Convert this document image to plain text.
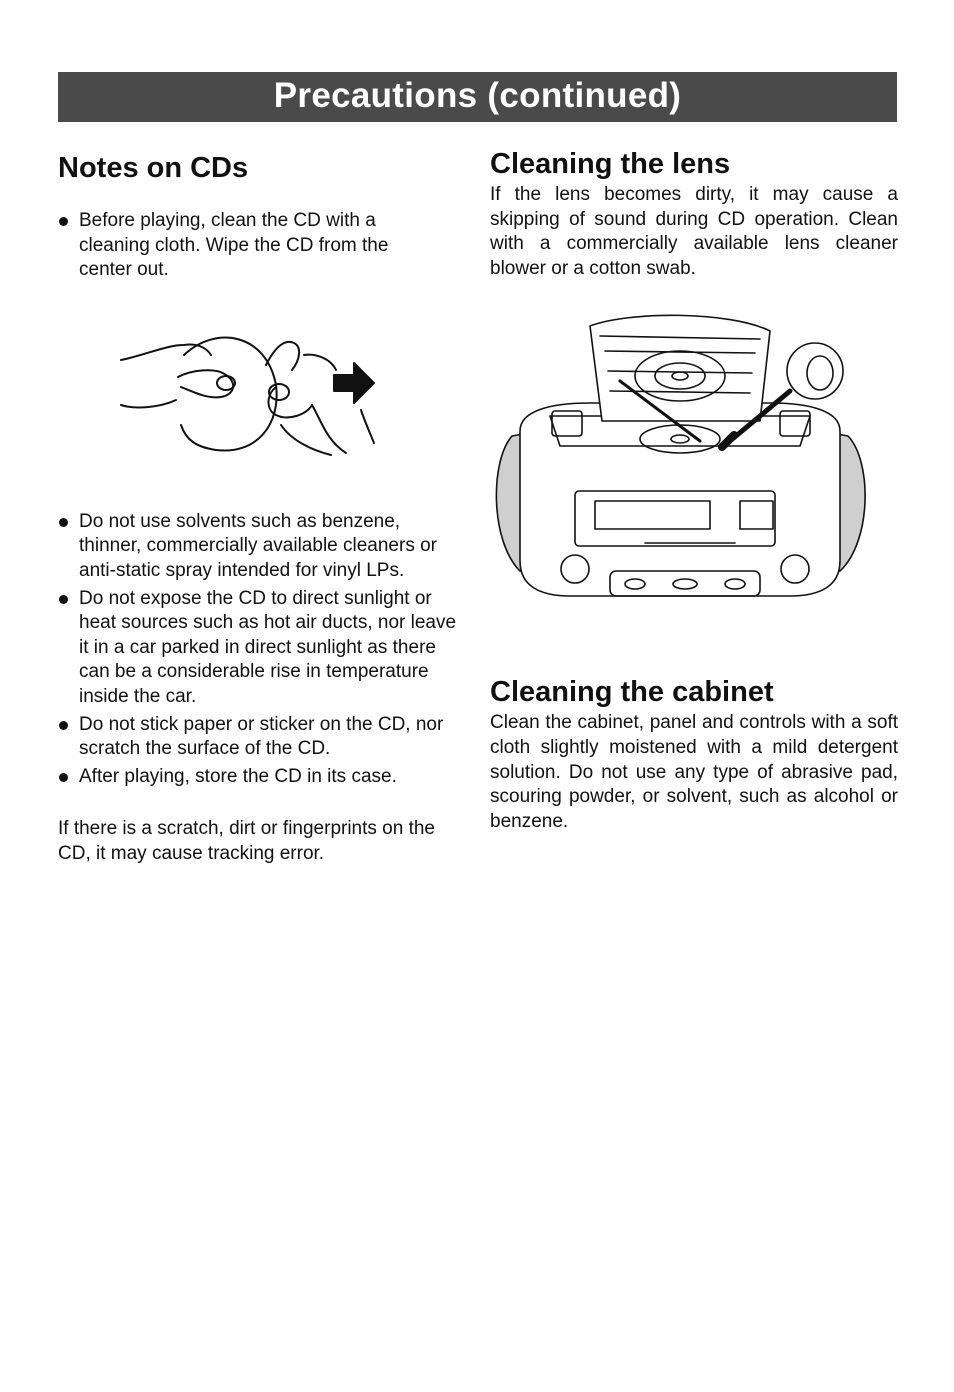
Precautions (continued)
Notes on CDs
Before playing, clean the CD with a cleaning cloth. Wipe the CD from the center out.
Do not use solvents such as benzene, thinner, commercially available cleaners or anti-static spray intended for vinyl LPs.
Do not expose the CD to direct sunlight or heat sources such as hot air ducts, nor leave it in a car parked in direct sunlight as there can be a considerable rise in temperature inside the car.
Do not stick paper or sticker on the CD, nor scratch the surface of the CD.
After playing, store the CD in its case.

If there is a scratch, dirt or fingerprints on the CD, it may cause tracking error.

Cleaning the lens

If the lens becomes dirty, it may cause a skipping of sound during CD operation. Clean with a commercially available lens cleaner blower or a cotton swab.

Cleaning the cabinet

Clean the cabinet, panel and controls with a soft cloth slightly moistened with a mild detergent solution. Do not use any type of abrasive pad, scouring powder, or solvent, such as alcohol or benzene.
